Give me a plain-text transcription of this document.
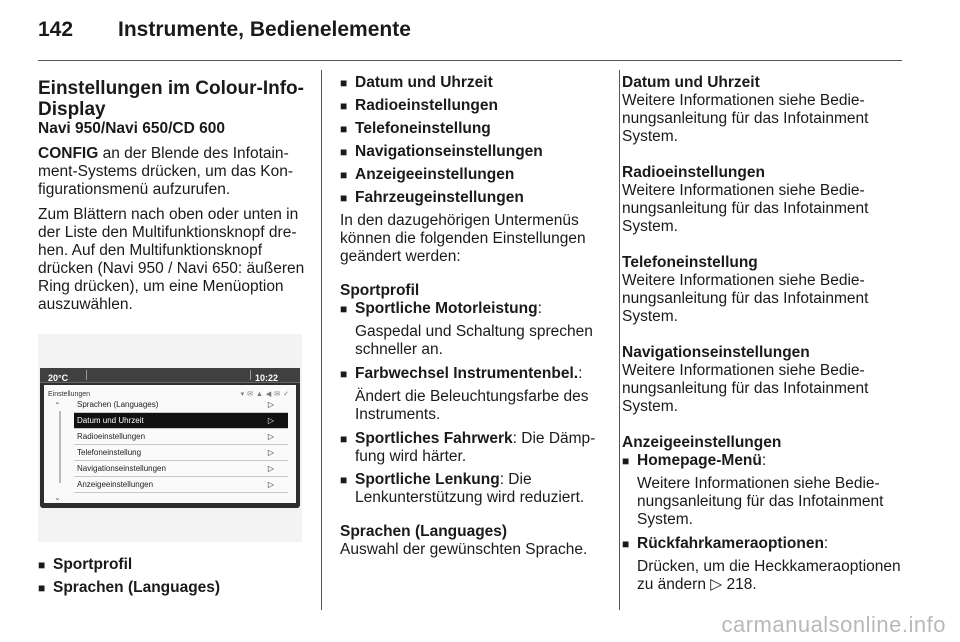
142 Instrumente, Bedienelemente
Einstellungen im Colour-Info-Display
Navi 950/Navi 650/CD 600

CONFIG an der Blende des Infotainment-Systems drücken, um das Konfigurationsmenü aufzurufen.

Zum Blättern nach oben oder unten in der Liste den Multifunktionsknopf drehen. Auf den Multifunktionsknopf drücken (Navi 950 / Navi 650: äußeren Ring drücken), um eine Menüoption auszuwählen.

20°C	10:22
Einstellungen	▾✉▲◀✉✓
⌃
⌄
Sprachen (Languages)	▷
Datum und Uhrzeit	▷
Radioeinstellungen	▷
Telefoneinstellung	▷
Navigationseinstellungen	▷
Anzeigeeinstellungen	▷
■ Sportprofil
■ Sprachen (Languages)
■ Datum und Uhrzeit
■ Radioeinstellungen
■ Telefoneinstellung
■ Navigationseinstellungen
■ Anzeigeeinstellungen
■ Fahrzeugeinstellungen

In den dazugehörigen Untermenüs können die folgenden Einstellungen geändert werden:

Sportprofil
■ Sportliche Motorleistung:
Gaspedal und Schaltung sprechen schneller an.
■ Farbwechsel Instrumentenbel.:
Ändert die Beleuchtungsfarbe des Instruments.
■ Sportliches Fahrwerk: Die Dämpfung wird härter.
■ Sportliche Lenkung: Die Lenkunterstützung wird reduziert.
Sprachen (Languages)
Auswahl der gewünschten Sprache.
Datum und Uhrzeit
Weitere Informationen siehe Bedienungsanleitung für das Infotainment System.
Radioeinstellungen
Weitere Informationen siehe Bedienungsanleitung für das Infotainment System.
Telefoneinstellung
Weitere Informationen siehe Bedienungsanleitung für das Infotainment System.
Navigationseinstellungen
Weitere Informationen siehe Bedienungsanleitung für das Infotainment System.
Anzeigeeinstellungen
■ Homepage-Menü:
Weitere Informationen siehe Bedienungsanleitung für das Infotainment System.
■ Rückfahrkameraoptionen:
Drücken, um die Heckkameraoptionen zu ändern ▷ 218.
carmanualsonline.info
